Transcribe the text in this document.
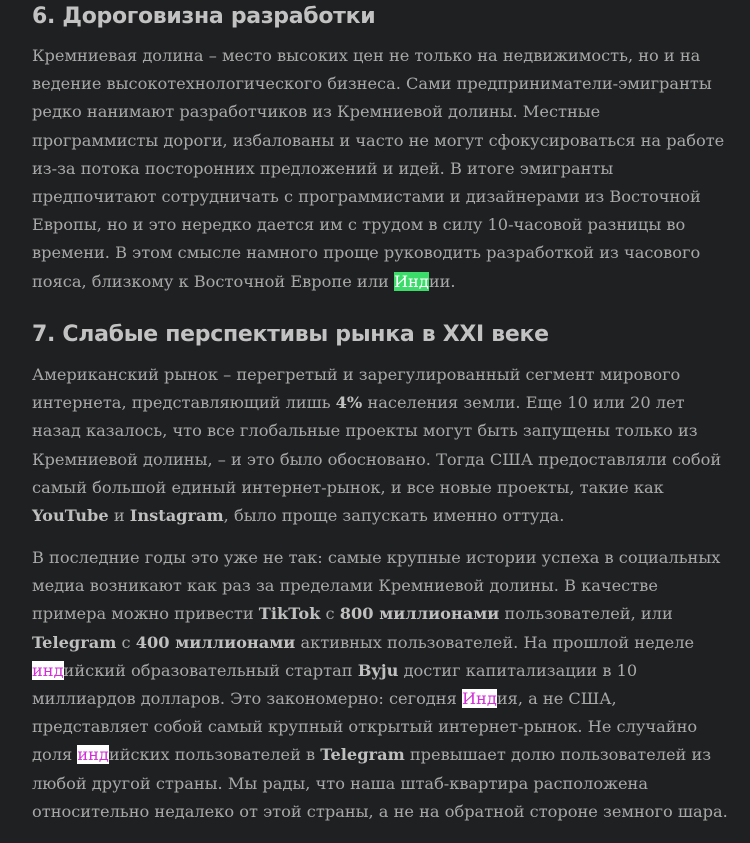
6. Дороговизна разработки

Кремниевая долина – место высоких цен не только на недвижимость, но и на ведение высокотехнологического бизнеса. Сами предприниматели-эмигранты редко нанимают разработчиков из Кремниевой долины. Местные программисты дороги, избалованы и часто не могут сфокусироваться на работе из-за потока посторонних предложений и идей. В итоге эмигранты предпочитают сотрудничать с программистами и дизайнерами из Восточной Европы, но и это нередко дается им с трудом в силу 10-часовой разницы во времени. В этом смысле намного проще руководить разработкой из часового пояса, близкому к Восточной Европе или Индии.

7. Слабые перспективы рынка в XXI веке

Американский рынок – перегретый и зарегулированный сегмент мирового интернета, представляющий лишь 4% населения земли. Еще 10 или 20 лет назад казалось, что все глобальные проекты могут быть запущены только из Кремниевой долины, – и это было обосновано. Тогда США предоставляли собой самый большой единый интернет-рынок, и все новые проекты, такие как YouTube и Instagram, было проще запускать именно оттуда.

В последние годы это уже не так: самые крупные истории успеха в социальных медиа возникают как раз за пределами Кремниевой долины. В качестве примера можно привести TikTok с 800 миллионами пользователей, или Telegram с 400 миллионами активных пользователей. На прошлой неделе индийский образовательный стартап Byju достиг капитализации в 10 миллиардов долларов. Это закономерно: сегодня Индия, а не США, представляет собой самый крупный открытый интернет-рынок. Не случайно доля индийских пользователей в Telegram превышает долю пользователей из любой другой страны. Мы рады, что наша штаб-квартира расположена относительно недалеко от этой страны, а не на обратной стороне земного шара.
